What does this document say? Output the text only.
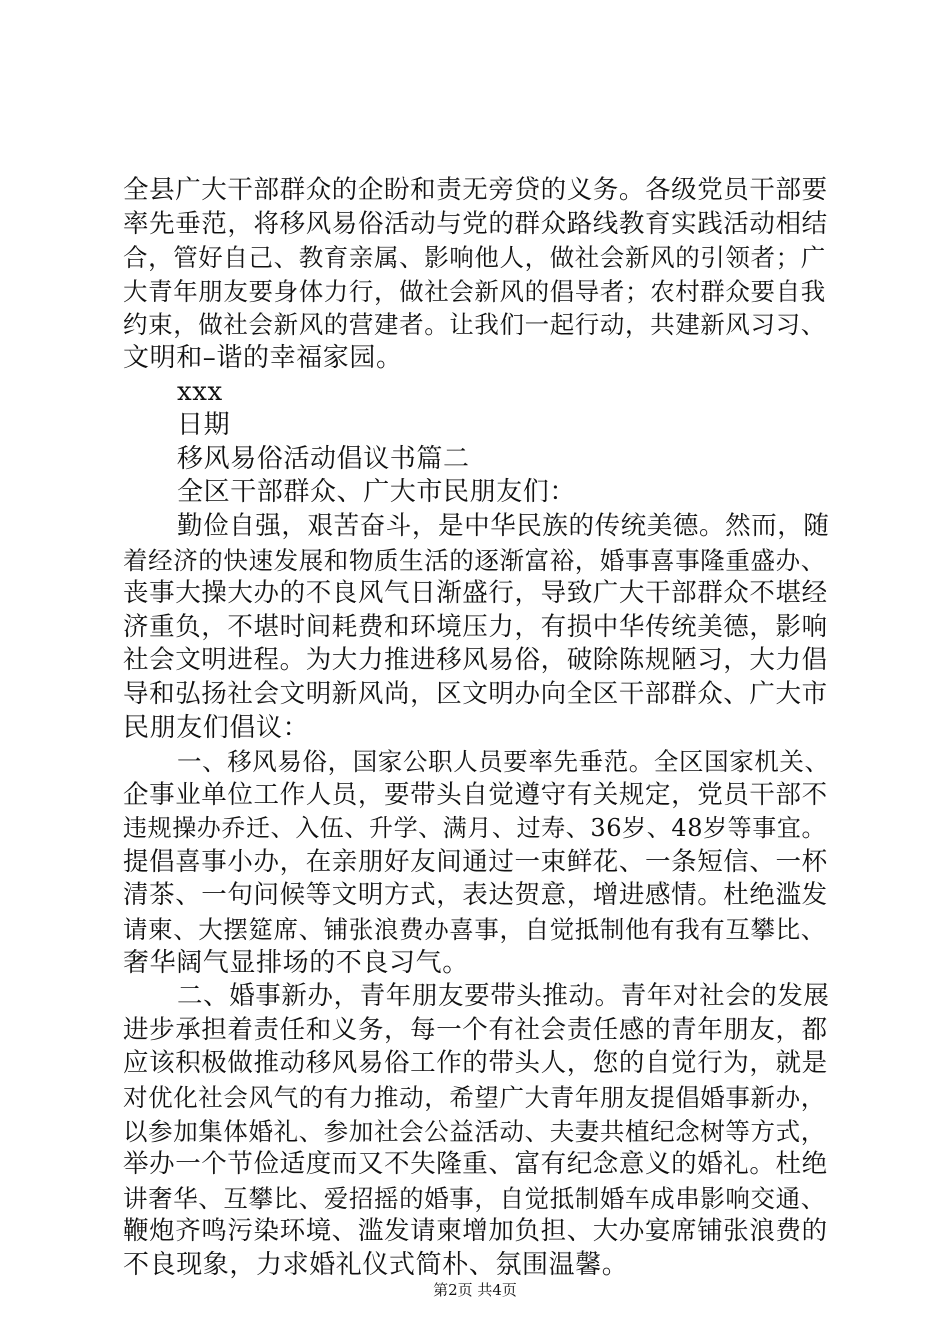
全县广大干部群众的企盼和责无旁贷的义务。各级党员干部要
率先垂范，将移风易俗活动与党的群众路线教育实践活动相结
合，管好自己、教育亲属、影响他人，做社会新风的引领者；广
大青年朋友要身体力行，做社会新风的倡导者；农村群众要自我
约束，做社会新风的营建者。让我们一起行动，共建新风习习、
文明和–谐的幸福家园。
xxx
日期
移风易俗活动倡议书篇二
全区干部群众、广大市民朋友们：
勤俭自强，艰苦奋斗，是中华民族的传统美德。然而，随
着经济的快速发展和物质生活的逐渐富裕，婚事喜事隆重盛办、
丧事大操大办的不良风气日渐盛行，导致广大干部群众不堪经
济重负，不堪时间耗费和环境压力，有损中华传统美德，影响
社会文明进程。为大力推进移风易俗，破除陈规陋习，大力倡
导和弘扬社会文明新风尚，区文明办向全区干部群众、广大市
民朋友们倡议：
一、移风易俗，国家公职人员要率先垂范。全区国家机关、
企事业单位工作人员，要带头自觉遵守有关规定，党员干部不
违规操办乔迁、入伍、升学、满月、过寿、36岁、48岁等事宜。
提倡喜事小办，在亲朋好友间通过一束鲜花、一条短信、一杯
清茶、一句问候等文明方式，表达贺意，增进感情。杜绝滥发
请柬、大摆筵席、铺张浪费办喜事，自觉抵制他有我有互攀比、
奢华阔气显排场的不良习气。
二、婚事新办，青年朋友要带头推动。青年对社会的发展
进步承担着责任和义务，每一个有社会责任感的青年朋友，都
应该积极做推动移风易俗工作的带头人，您的自觉行为，就是
对优化社会风气的有力推动，希望广大青年朋友提倡婚事新办，
以参加集体婚礼、参加社会公益活动、夫妻共植纪念树等方式，
举办一个节俭适度而又不失隆重、富有纪念意义的婚礼。杜绝
讲奢华、互攀比、爱招摇的婚事，自觉抵制婚车成串影响交通、
鞭炮齐鸣污染环境、滥发请柬增加负担、大办宴席铺张浪费的
不良现象，力求婚礼仪式简朴、氛围温馨。
第2页 共4页
